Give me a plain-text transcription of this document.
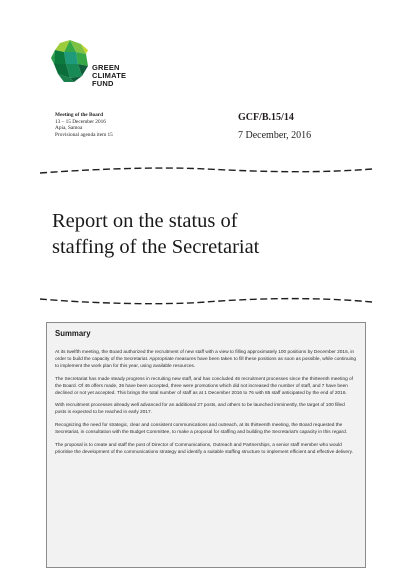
GREEN
CLIMATE
FUND
Meeting of the Board
13 – 15 December 2016
Apia, Samoa
Provisional agenda item 15
GCF/B.15/14
7 December, 2016
Report on the status of
staffing of the Secretariat
Summary

At its twelfth meeting, the Board authorized the recruitment of new staff with a view to filling approximately 100 positions by December 2016, in order to build the capacity of the Secretariat. Appropriate measures have been taken to fill these positions as soon as possible, while continuing to implement the work plan for this year, using available resources.

The Secretariat has made steady progress in recruiting new staff, and has concluded 46 recruitment processes since the thirteenth meeting of the Board. Of 46 offers made, 36 have been accepted, three were promotions which did not increased the number of staff, and 7 have been declined or not yet accepted. This brings the total number of staff as at 1 December 2016 to 76 with 85 staff anticipated by the end of 2016.

With recruitment processes already well advanced for an additional 27 posts, and others to be launched imminently, the target of 100 filled posts is expected to be reached in early 2017.

Recognizing the need for strategic, clear and consistent communications and outreach, at its thirteenth meeting, the Board requested the Secretariat, in consultation with the Budget Committee, to make a proposal for staffing and building the Secretariat's capacity in this regard.

The proposal is to create and staff the post of Director of Communications, Outreach and Partnerships, a senior staff member who would prioritise the development of the communications strategy and identify a suitable staffing structure to implement efficient and effective delivery.
